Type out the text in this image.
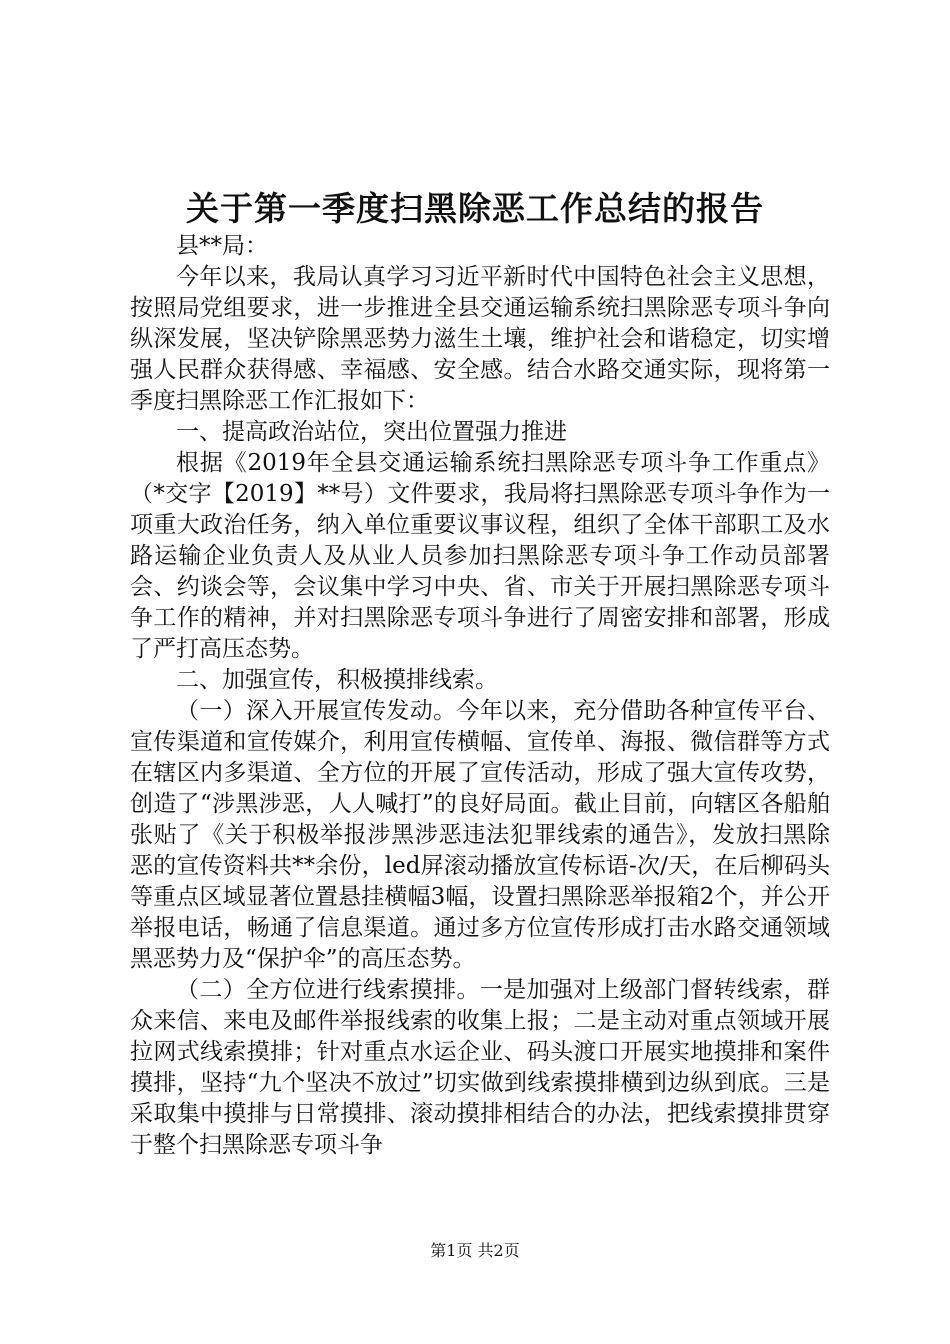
关于第一季度扫黑除恶工作总结的报告

县**局：

今年以来，我局认真学习习近平新时代中国特色社会主义思想，按照局党组要求，进一步推进全县交通运输系统扫黑除恶专项斗争向纵深发展，坚决铲除黑恶势力滋生土壤，维护社会和谐稳定，切实增强人民群众获得感、幸福感、安全感。结合水路交通实际，现将第一季度扫黑除恶工作汇报如下：

一、提高政治站位，突出位置强力推进

根据《2019年全县交通运输系统扫黑除恶专项斗争工作重点》（*交字【2019】**号）文件要求，我局将扫黑除恶专项斗争作为一项重大政治任务，纳入单位重要议事议程，组织了全体干部职工及水路运输企业负责人及从业人员参加扫黑除恶专项斗争工作动员部署会、约谈会等，会议集中学习中央、省、市关于开展扫黑除恶专项斗争工作的精神，并对扫黑除恶专项斗争进行了周密安排和部署，形成了严打高压态势。

二、加强宣传，积极摸排线索。

（一）深入开展宣传发动。今年以来，充分借助各种宣传平台、宣传渠道和宣传媒介，利用宣传横幅、宣传单、海报、微信群等方式在辖区内多渠道、全方位的开展了宣传活动，形成了强大宣传攻势，创造了“涉黑涉恶，人人喊打”的良好局面。截止目前，向辖区各船舶张贴了《关于积极举报涉黑涉恶违法犯罪线索的通告》，发放扫黑除恶的宣传资料共**余份，led屏滚动播放宣传标语-次/天，在后柳码头等重点区域显著位置悬挂横幅3幅，设置扫黑除恶举报箱2个，并公开举报电话，畅通了信息渠道。通过多方位宣传形成打击水路交通领域黑恶势力及“保护伞”的高压态势。

（二）全方位进行线索摸排。一是加强对上级部门督转线索，群众来信、来电及邮件举报线索的收集上报；二是主动对重点领域开展拉网式线索摸排；针对重点水运企业、码头渡口开展实地摸排和案件摸排，坚持“九个坚决不放过”切实做到线索摸排横到边纵到底。三是采取集中摸排与日常摸排、滚动摸排相结合的办法，把线索摸排贯穿于整个扫黑除恶专项斗争

第1页 共2页
